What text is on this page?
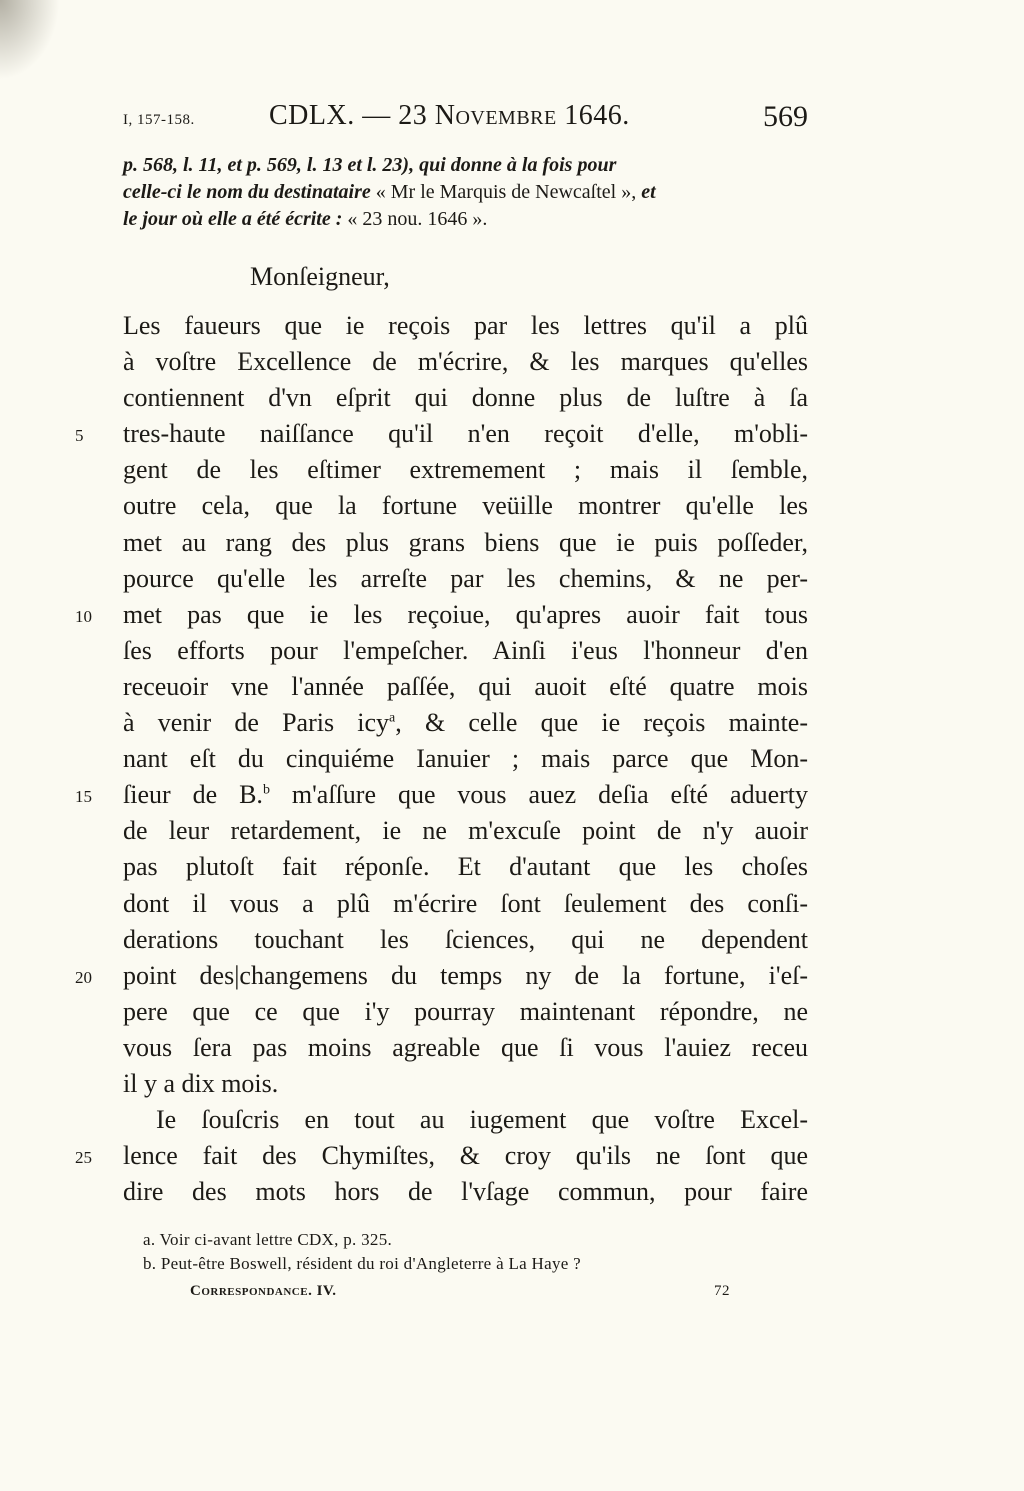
I, 157-158.	CDLX. — 23 Novembre 1646.	569
p. 568, l. 11, et p. 569, l. 13 et l. 23), qui donne à la fois pour
celle-ci le nom du destinataire « Mr le Marquis de Newcaſtel », et
le jour où elle a été écrite : « 23 nou. 1646 ».
Monſeigneur,
Les faueurs que ie reçois par les lettres qu'il a plû
à voſtre Excellence de m'écrire, & les marques qu'elles
contiennent d'vn eſprit qui donne plus de luſtre à ſa
5	tres-haute naiſſance qu'il n'en reçoit d'elle, m'obli-
gent de les eſtimer extremement ; mais il ſemble,
outre cela, que la fortune veüille montrer qu'elle les
met au rang des plus grans biens que ie puis poſſeder,
pource qu'elle les arreſte par les chemins, & ne per-
10	met pas que ie les reçoiue, qu'apres auoir fait tous
ſes efforts pour l'empeſcher. Ainſi i'eus l'honneur d'en
receuoir vne l'année paſſée, qui auoit eſté quatre mois
à venir de Paris icy$^a$, & celle que ie reçois mainte-
nant eſt du cinquiéme Ianuier ; mais parce que Mon-
15	ſieur de B.$^b$ m'aſſure que vous auez deſia eſté aduerty
de leur retardement, ie ne m'excuſe point de n'y auoir
pas plutoſt fait réponſe. Et d'autant que les choſes
dont il vous a plû m'écrire ſont ſeulement des conſi-
derations touchant les ſciences, qui ne dependent
20	point des|changemens du temps ny de la fortune, i'eſ-
pere que ce que i'y pourray maintenant répondre, ne
vous ſera pas moins agreable que ſi vous l'auiez receu
il y a dix mois.
Ie ſouſcris en tout au iugement que voſtre Excel-
25	lence fait des Chymiſtes, & croy qu'ils ne ſont que
dire des mots hors de l'vſage commun, pour faire
a. Voir ci-avant lettre CDX, p. 325.
b. Peut-être Boswell, résident du roi d'Angleterre à La Haye ?
Correspondance. IV.	72
